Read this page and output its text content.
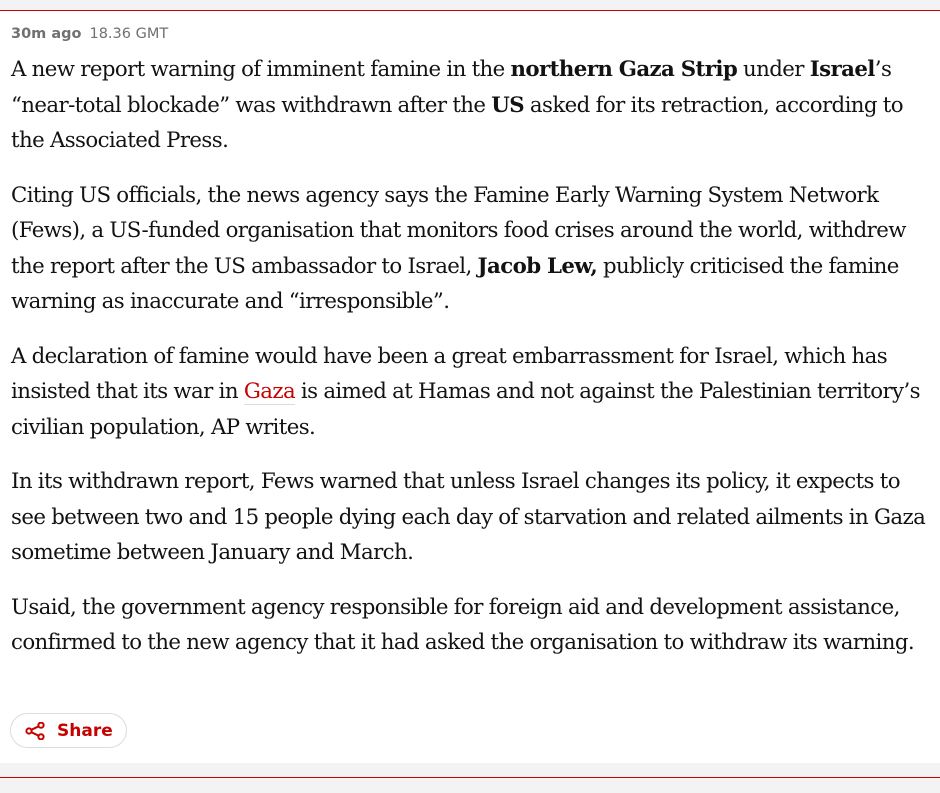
30m ago 18.36 GMT

A new report warning of imminent famine in the northern Gaza Strip under Israel’s “near-total blockade” was withdrawn after the US asked for its retraction, according to the Associated Press.

Citing US officials, the news agency says the Famine Early Warning System Network (Fews), a US-funded organisation that monitors food crises around the world, withdrew the report after the US ambassador to Israel, Jacob Lew, publicly criticised the famine warning as inaccurate and “irresponsible”.

A declaration of famine would have been a great embarrassment for Israel, which has insisted that its war in Gaza is aimed at Hamas and not against the Palestinian territory’s civilian population, AP writes.

In its withdrawn report, Fews warned that unless Israel changes its policy, it expects to see between two and 15 people dying each day of starvation and related ailments in Gaza sometime between January and March.

Usaid, the government agency responsible for foreign aid and development assistance, confirmed to the new agency that it had asked the organisation to withdraw its warning.

Share
